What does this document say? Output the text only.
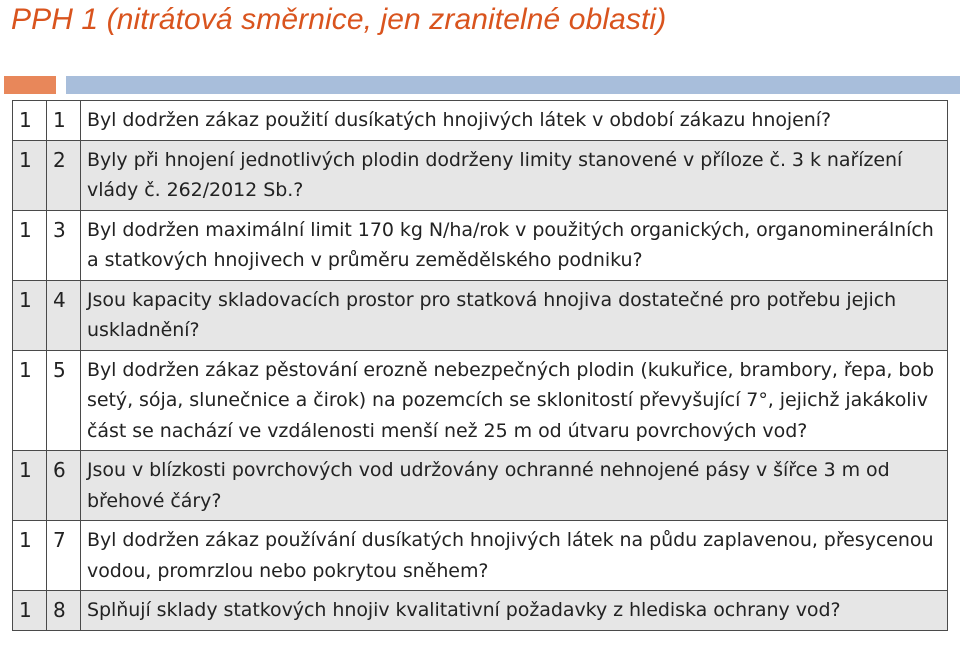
PPH 1 (nitrátová směrnice, jen zranitelné oblasti)
1	1	Byl dodržen zákaz použití dusíkatých hnojivých látek v období zákazu hnojení?
1	2	Byly při hnojení jednotlivých plodin dodrženy limity stanovené v příloze č. 3 k nařízení vlády č. 262/2012 Sb.?
1	3	Byl dodržen maximální limit 170 kg N/ha/rok v použitých organických, organominerálních a statkových hnojivech v průměru zemědělského podniku?
1	4	Jsou kapacity skladovacích prostor pro statková hnojiva dostatečné pro potřebu jejich uskladnění?
1	5	Byl dodržen zákaz pěstování erozně nebezpečných plodin (kukuřice, brambory, řepa, bob setý, sója, slunečnice a čirok) na pozemcích se sklonitostí převyšující 7°, jejichž jakákoliv část se nachází ve vzdálenosti menší než 25 m od útvaru povrchových vod?
1	6	Jsou v blízkosti povrchových vod udržovány ochranné nehnojené pásy v šířce 3 m od břehové čáry?
1	7	Byl dodržen zákaz používání dusíkatých hnojivých látek na půdu zaplavenou, přesycenou vodou, promrzlou nebo pokrytou sněhem?
1	8	Splňují sklady statkových hnojiv kvalitativní požadavky z hlediska ochrany vod?
